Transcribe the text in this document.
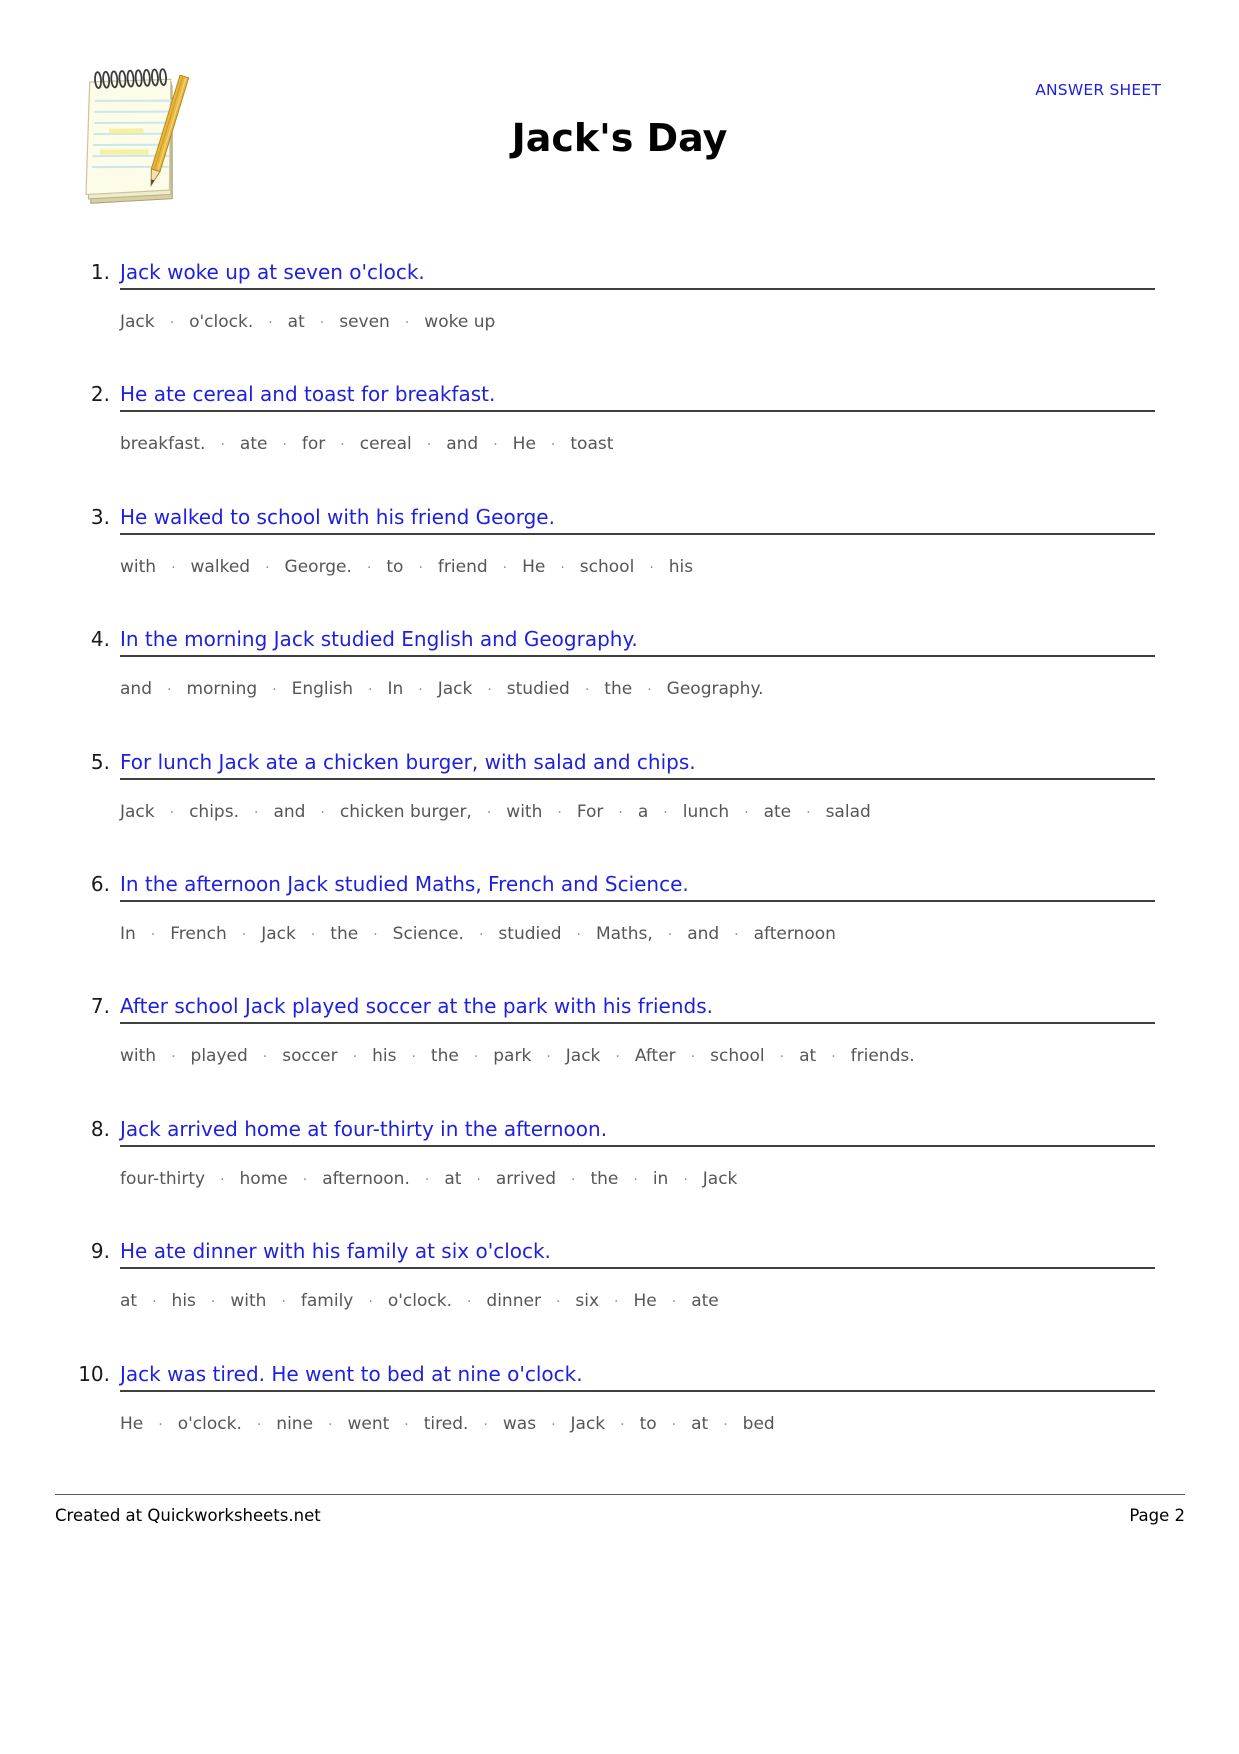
ANSWER SHEET
Jack's Day
1. Jack woke up at seven o'clock.
Jack · o'clock. · at · seven · woke up
2. He ate cereal and toast for breakfast.
breakfast. · ate · for · cereal · and · He · toast
3. He walked to school with his friend George.
with · walked · George. · to · friend · He · school · his
4. In the morning Jack studied English and Geography.
and · morning · English · In · Jack · studied · the · Geography.
5. For lunch Jack ate a chicken burger, with salad and chips.
Jack · chips. · and · chicken burger, · with · For · a · lunch · ate · salad
6. In the afternoon Jack studied Maths, French and Science.
In · French · Jack · the · Science. · studied · Maths, · and · afternoon
7. After school Jack played soccer at the park with his friends.
with · played · soccer · his · the · park · Jack · After · school · at · friends.
8. Jack arrived home at four-thirty in the afternoon.
four-thirty · home · afternoon. · at · arrived · the · in · Jack
9. He ate dinner with his family at six o'clock.
at · his · with · family · o'clock. · dinner · six · He · ate
10. Jack was tired. He went to bed at nine o'clock.
He · o'clock. · nine · went · tired. · was · Jack · to · at · bed
Created at Quickworksheets.net	Page 2
